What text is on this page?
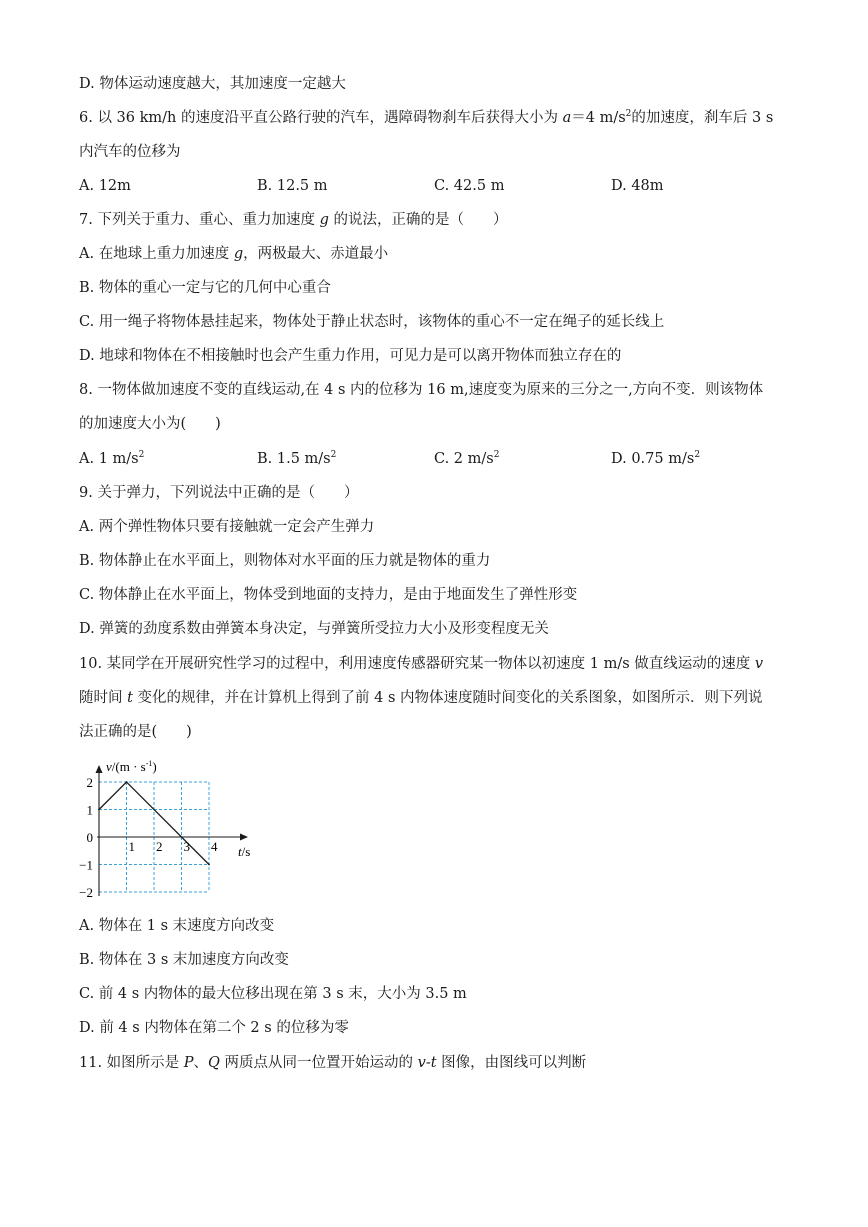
D. 物体运动速度越大，其加速度一定越大
6. 以 36 km/h 的速度沿平直公路行驶的汽车，遇障碍物刹车后获得大小为 a＝4 $m/s^2$的加速度，刹车后 3 s
内汽车的位移为
A. 12m	B. 12.5 m	C. 42.5 m	D. 48m
7. 下列关于重力、重心、重力加速度 g 的说法，正确的是（　　）
A. 在地球上重力加速度 g，两极最大、赤道最小
B. 物体的重心一定与它的几何中心重合
C. 用一绳子将物体悬挂起来，物体处于静止状态时，该物体的重心不一定在绳子的延长线上
D. 地球和物体在不相接触时也会产生重力作用，可见力是可以离开物体而独立存在的
8. 一物体做加速度不变的直线运动,在 4 s 内的位移为 16 m,速度变为原来的三分之一,方向不变．则该物体
的加速度大小为(　　)
A. 1 $m/s^2$	B. 1.5 $m/s^2$	C. 2 $m/s^2$	D. 0.75 $m/s^2$
9. 关于弹力，下列说法中正确的是（　　）
A. 两个弹性物体只要有接触就一定会产生弹力
B. 物体静止在水平面上，则物体对水平面的压力就是物体的重力
C. 物体静止在水平面上，物体受到地面的支持力，是由于地面发生了弹性形变
D. 弹簧的劲度系数由弹簧本身决定，与弹簧所受拉力大小及形变程度无关
10. 某同学在开展研究性学习的过程中，利用速度传感器研究某一物体以初速度 1 m/s 做直线运动的速度 v
随时间 t 变化的规律，并在计算机上得到了前 4 s 内物体速度随时间变化的关系图象，如图所示．则下列说
法正确的是(　　)
1 2 3 4
2
1
0
−1
−2
$v/(m \cdot s^{-1})$
t/s
A. 物体在 1 s 末速度方向改变
B. 物体在 3 s 末加速度方向改变
C. 前 4 s 内物体的最大位移出现在第 3 s 末，大小为 3.5 m
D. 前 4 s 内物体在第二个 2 s 的位移为零
11. 如图所示是 P、Q 两质点从同一位置开始运动的 v-t 图像，由图线可以判断
